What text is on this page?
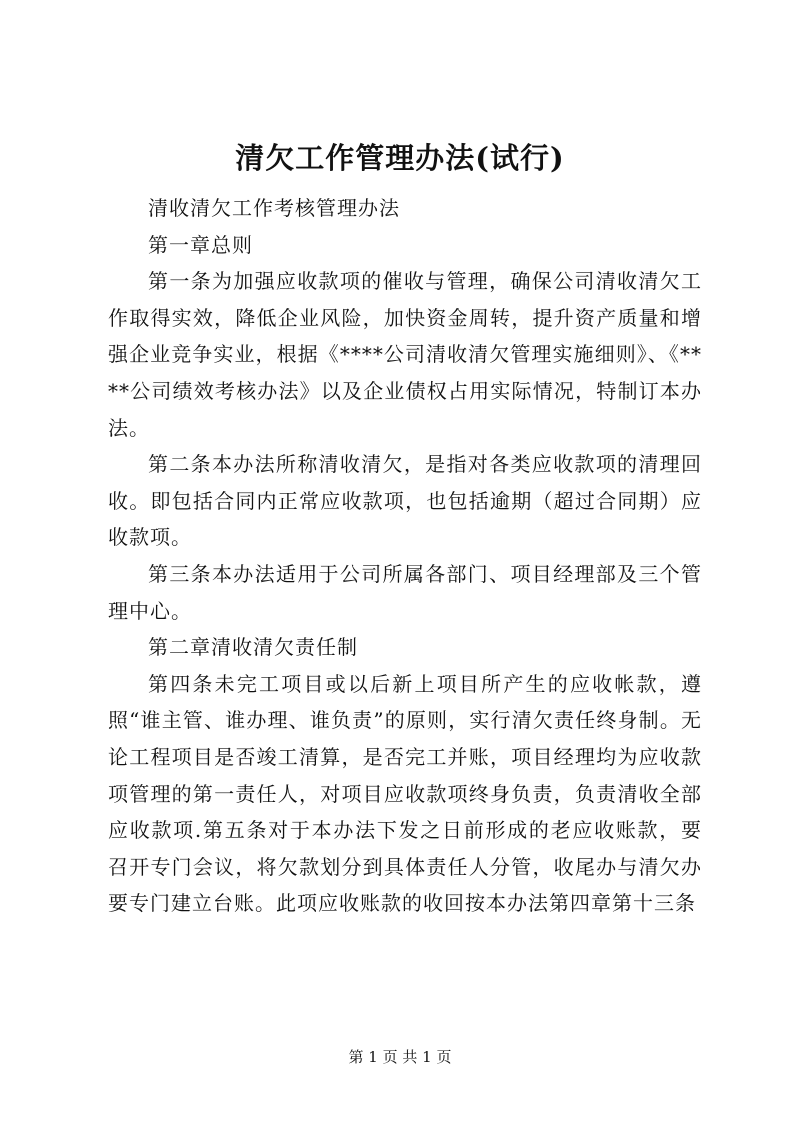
清欠工作管理办法(试行)

清收清欠工作考核管理办法

第一章总则

第一条为加强应收款项的催收与管理，确保公司清收清欠工作取得实效，降低企业风险，加快资金周转，提升资产质量和增强企业竞争实业，根据《****公司清收清欠管理实施细则》、《****公司绩效考核办法》以及企业债权占用实际情况，特制订本办法。

第二条本办法所称清收清欠，是指对各类应收款项的清理回收。即包括合同内正常应收款项，也包括逾期（超过合同期）应收款项。

第三条本办法适用于公司所属各部门、项目经理部及三个管理中心。

第二章清收清欠责任制

第四条未完工项目或以后新上项目所产生的应收帐款，遵照“谁主管、谁办理、谁负责”的原则，实行清欠责任终身制。无论工程项目是否竣工清算，是否完工并账，项目经理均为应收款项管理的第一责任人，对项目应收款项终身负责，负责清收全部应收款项.第五条对于本办法下发之日前形成的老应收账款，要召开专门会议，将欠款划分到具体责任人分管，收尾办与清欠办要专门建立台账。此项应收账款的收回按本办法第四章第十三条

第 1 页 共 1 页
